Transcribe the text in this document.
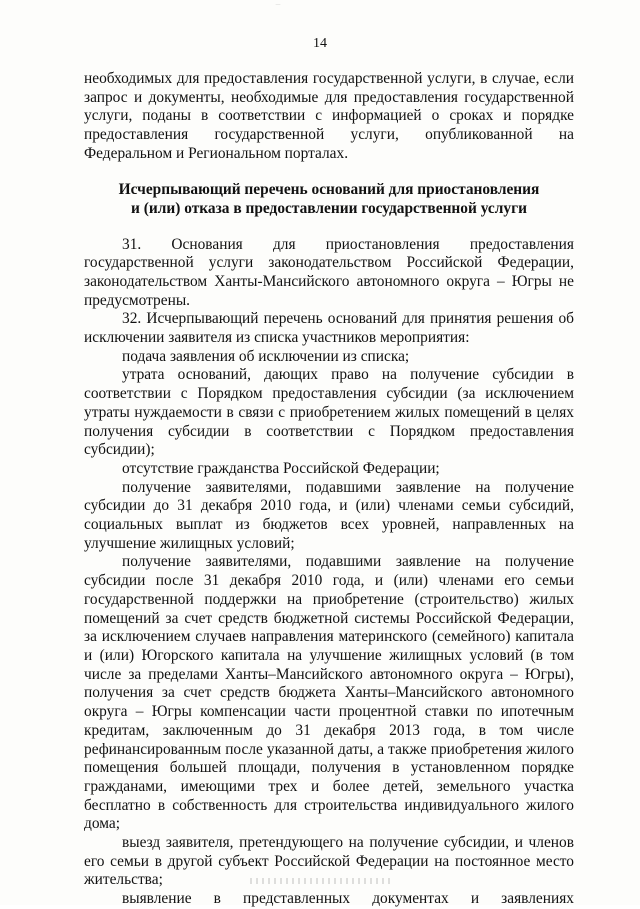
14

необходимых для предоставления государственной услуги, в случае, если запрос и документы, необходимые для предоставления государственной услуги, поданы в соответствии с информацией о сроках и порядке предоставления государственной услуги, опубликованной на Федеральном и Региональном порталах.

Исчерпывающий перечень оснований для приостановления
и (или) отказа в предоставлении государственной услуги

31. Основания для приостановления предоставления государственной услуги законодательством Российской Федерации, законодательством Ханты-Мансийского автономного округа – Югры не предусмотрены.

32. Исчерпывающий перечень оснований для принятия решения об исключении заявителя из списка участников мероприятия:

подача заявления об исключении из списка;

утрата оснований, дающих право на получение субсидии в соответствии с Порядком предоставления субсидии (за исключением утраты нуждаемости в связи с приобретением жилых помещений в целях получения субсидии в соответствии с Порядком предоставления субсидии);

отсутствие гражданства Российской Федерации;

получение заявителями, подавшими заявление на получение субсидии до 31 декабря 2010 года, и (или) членами семьи субсидий, социальных выплат из бюджетов всех уровней, направленных на улучшение жилищных условий;

получение заявителями, подавшими заявление на получение субсидии после 31 декабря 2010 года, и (или) членами его семьи государственной поддержки на приобретение (строительство) жилых помещений за счет средств бюджетной системы Российской Федерации, за исключением случаев направления материнского (семейного) капитала и (или) Югорского капитала на улучшение жилищных условий (в том числе за пределами Ханты–Мансийского автономного округа – Югры), получения за счет средств бюджета Ханты–Мансийского автономного округа – Югры компенсации части процентной ставки по ипотечным кредитам, заключенным до 31 декабря 2013 года, в том числе рефинансированным после указанной даты, а также приобретения жилого помещения большей площади, получения в установленном порядке гражданами, имеющими трех и более детей, земельного участка бесплатно в собственность для строительства индивидуального жилого дома;

выезд заявителя, претендующего на получение субсидии, и членов его семьи в другой субъект Российской Федерации на постоянное место жительства;

выявление в представленных документах и заявлениях
